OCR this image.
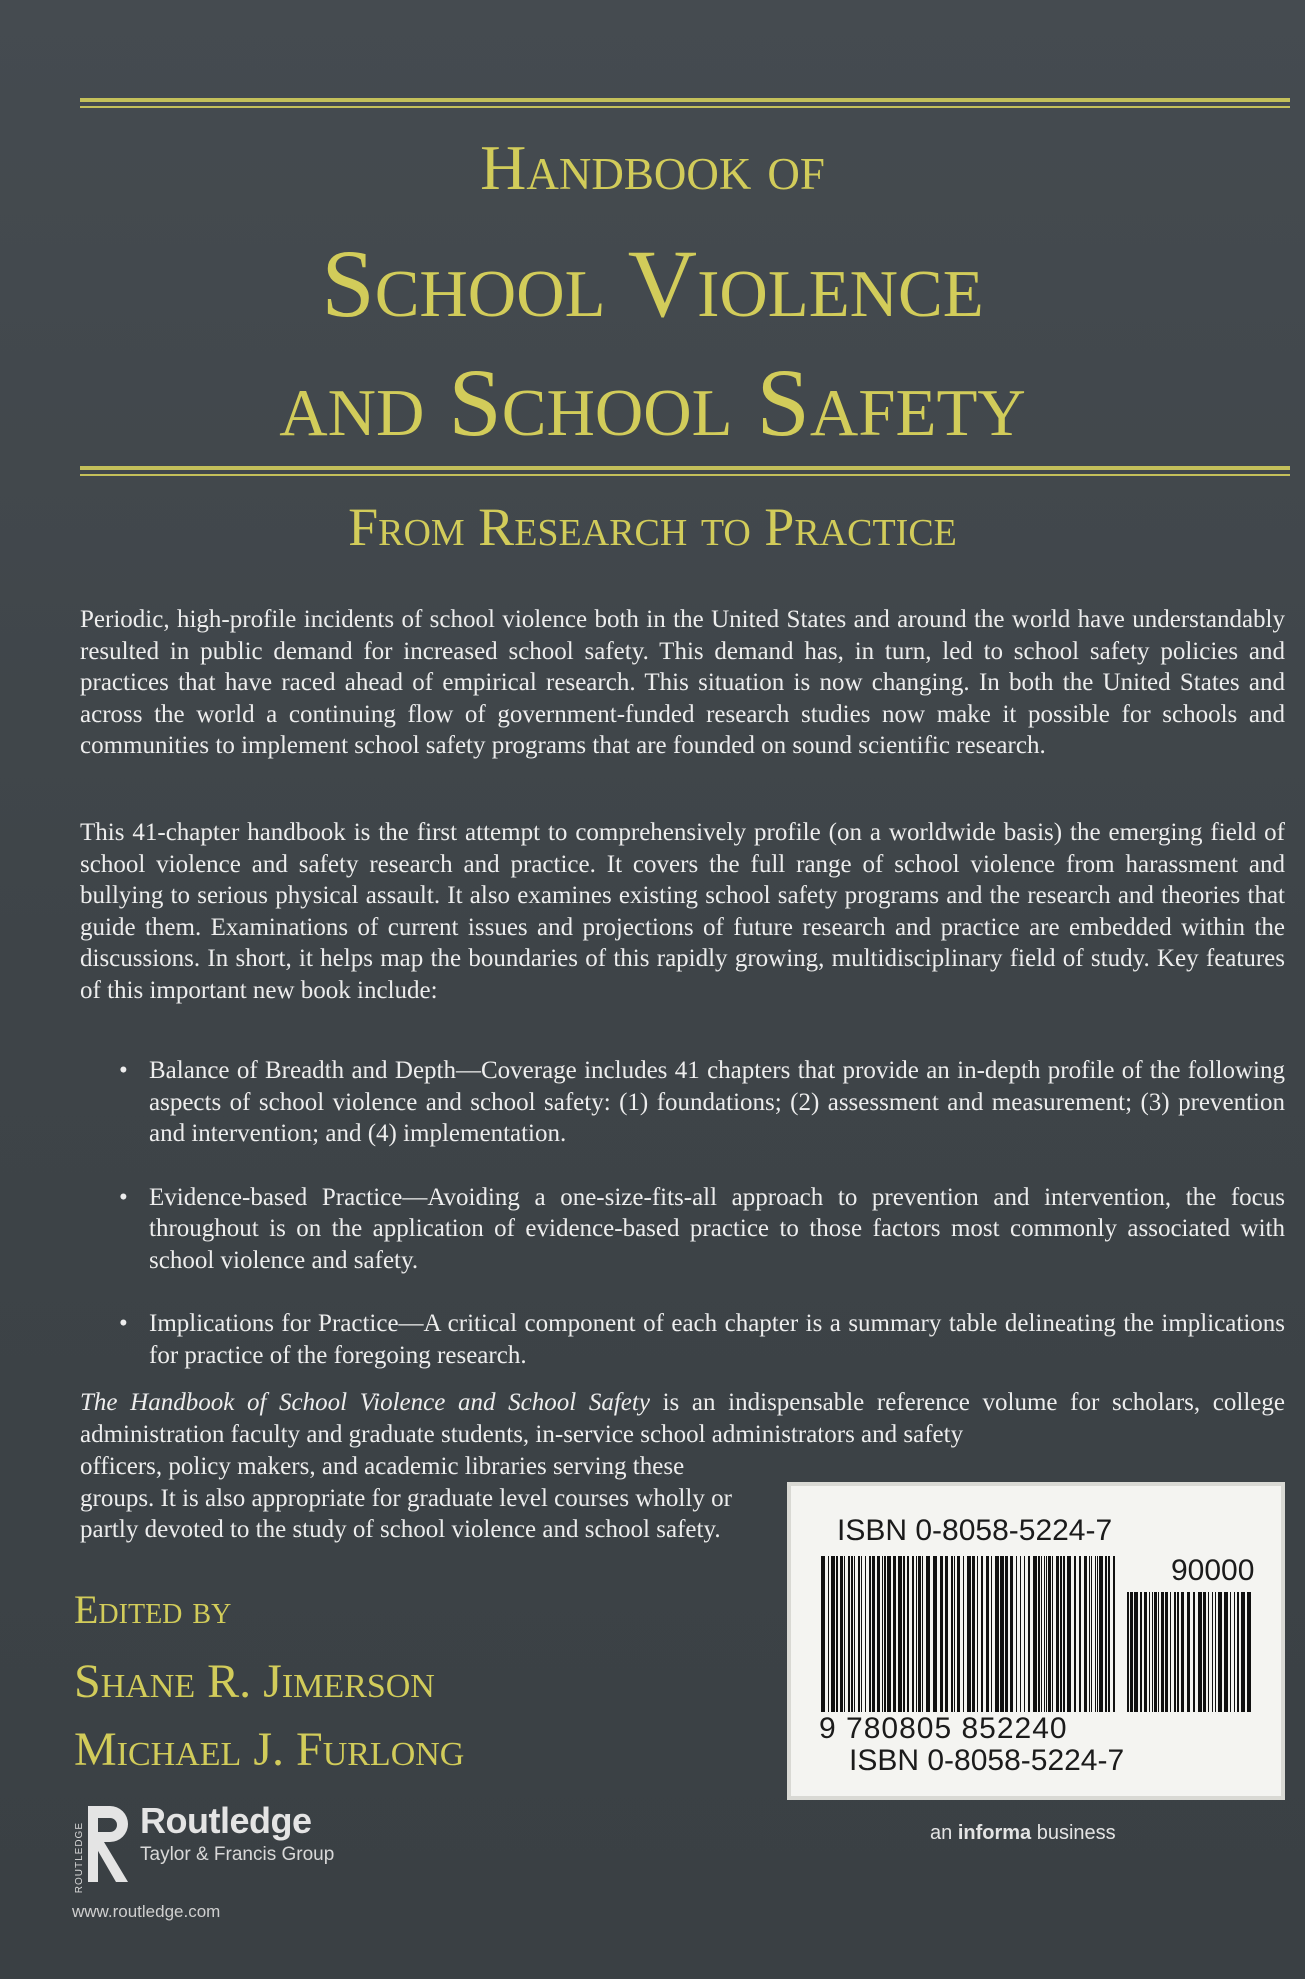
Handbook of
School Violence
and School Safety
From Research to Practice
Periodic, high-profile incidents of school violence both in the United States and around the world have understandably resulted in public demand for increased school safety. This demand has, in turn, led to school safety policies and practices that have raced ahead of empirical research. This situation is now changing. In both the United States and across the world a continuing flow of government-funded research studies now make it possible for schools and communities to implement school safety programs that are founded on sound scientific research.
This 41-chapter handbook is the first attempt to comprehensively profile (on a worldwide basis) the emerging field of school violence and safety research and practice. It covers the full range of school violence from harassment and bullying to serious physical assault. It also examines existing school safety programs and the research and theories that guide them. Examinations of current issues and projections of future research and practice are embedded within the discussions. In short, it helps map the boundaries of this rapidly growing, multidisciplinary field of study. Key features of this important new book include:
• Balance of Breadth and Depth—Coverage includes 41 chapters that provide an in-depth profile of the following aspects of school violence and school safety: (1) foundations; (2) assessment and measurement; (3) prevention and intervention; and (4) implementation.
• Evidence-based Practice—Avoiding a one-size-fits-all approach to prevention and intervention, the focus throughout is on the application of evidence-based practice to those factors most commonly associated with school violence and safety.
• Implications for Practice—A critical component of each chapter is a summary table delineating the implications for practice of the foregoing research.
The Handbook of School Violence and School Safety is an indispensable reference volume for scholars, college administration faculty and graduate students, in-service school administrators and safety
officers, policy makers, and academic libraries serving these groups. It is also appropriate for graduate level courses wholly or partly devoted to the study of school violence and school safety.
Edited by
Shane R. Jimerson
Michael J. Furlong
ROUTLEDGE
Routledge
Taylor & Francis Group
www.routledge.com
ISBN 0-8058-5224-7
90000
9 780805 852240
ISBN 0-8058-5224-7
an informa business
